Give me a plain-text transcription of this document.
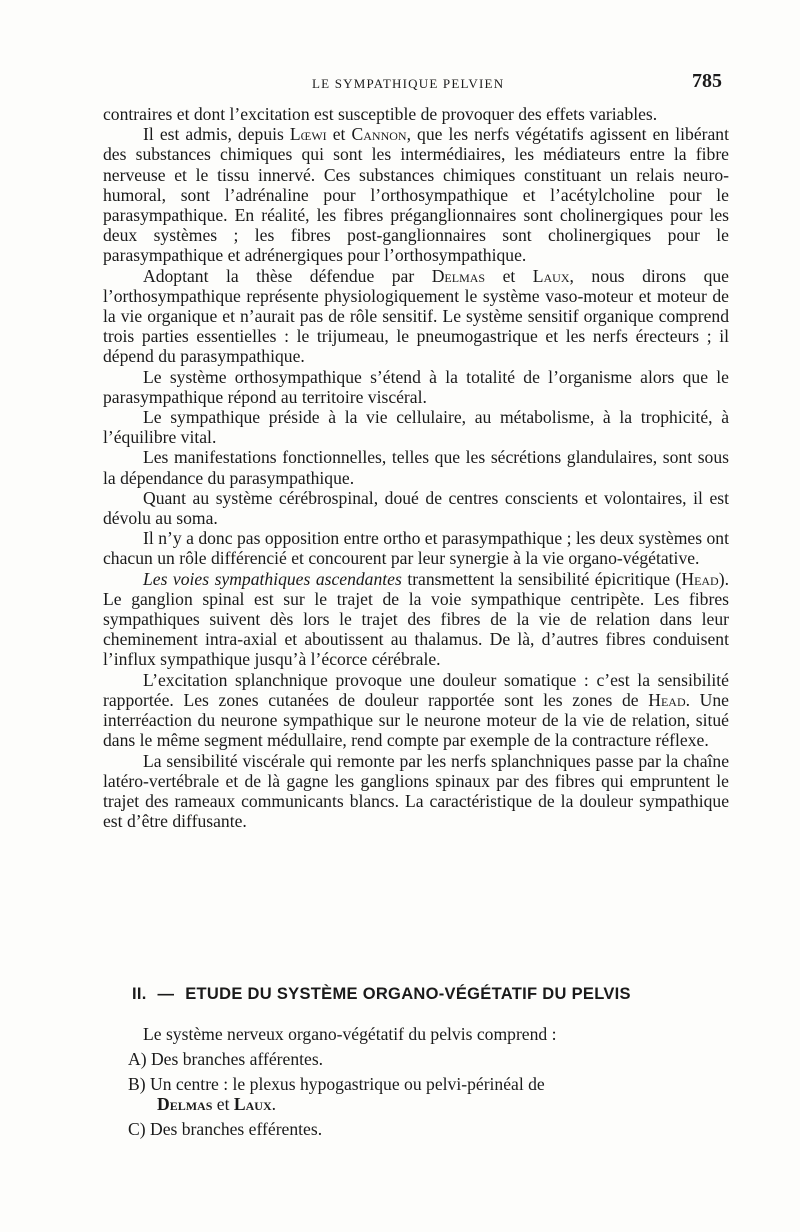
LE SYMPATHIQUE PELVIEN	785

contraires et dont l’excitation est susceptible de provoquer des effets variables.

Il est admis, depuis Lœwi et Cannon, que les nerfs végétatifs agissent en libérant des substances chimiques qui sont les intermédiaires, les médiateurs entre la fibre nerveuse et le tissu innervé. Ces substances chimiques constituant un relais neuro-humoral, sont l’adrénaline pour l’orthosympathique et l’acétylcholine pour le parasympathique. En réalité, les fibres préganglionnaires sont cholinergiques pour les deux systèmes ; les fibres post-ganglionnaires sont cholinergiques pour le parasympathique et adrénergiques pour l’orthosympathique.

Adoptant la thèse défendue par Delmas et Laux, nous dirons que l’orthosympathique représente physiologiquement le système vaso-moteur et moteur de la vie organique et n’aurait pas de rôle sensitif. Le système sensitif organique comprend trois parties essentielles : le trijumeau, le pneumogastrique et les nerfs érecteurs ; il dépend du parasympathique.

Le système orthosympathique s’étend à la totalité de l’organisme alors que le parasympathique répond au territoire viscéral.

Le sympathique préside à la vie cellulaire, au métabolisme, à la trophicité, à l’équilibre vital.

Les manifestations fonctionnelles, telles que les sécrétions glandulaires, sont sous la dépendance du parasympathique.

Quant au système cérébrospinal, doué de centres conscients et volontaires, il est dévolu au soma.

Il n’y a donc pas opposition entre ortho et parasympathique ; les deux systèmes ont chacun un rôle différencié et concourent par leur synergie à la vie organo-végétative.

Les voies sympathiques ascendantes transmettent la sensibilité épicritique (Head). Le ganglion spinal est sur le trajet de la voie sympathique centripète. Les fibres sympathiques suivent dès lors le trajet des fibres de la vie de relation dans leur cheminement intra-axial et aboutissent au thalamus. De là, d’autres fibres conduisent l’influx sympathique jusqu’à l’écorce cérébrale.

L’excitation splanchnique provoque une douleur somatique : c’est la sensibilité rapportée. Les zones cutanées de douleur rapportée sont les zones de Head. Une interréaction du neurone sympathique sur le neurone moteur de la vie de relation, situé dans le même segment médullaire, rend compte par exemple de la contracture réflexe.

La sensibilité viscérale qui remonte par les nerfs splanchniques passe par la chaîne latéro-vertébrale et de là gagne les ganglions spinaux par des fibres qui empruntent le trajet des rameaux communicants blancs. La caractéristique de la douleur sympathique est d’être diffusante.

II. — ETUDE DU SYSTÈME ORGANO-VÉGÉTATIF DU PELVIS
Le système nerveux organo-végétatif du pelvis comprend :
A) Des branches afférentes.
B) Un centre : le plexus hypogastrique ou pelvi-périnéal de
Delmas et Laux.
C) Des branches efférentes.
